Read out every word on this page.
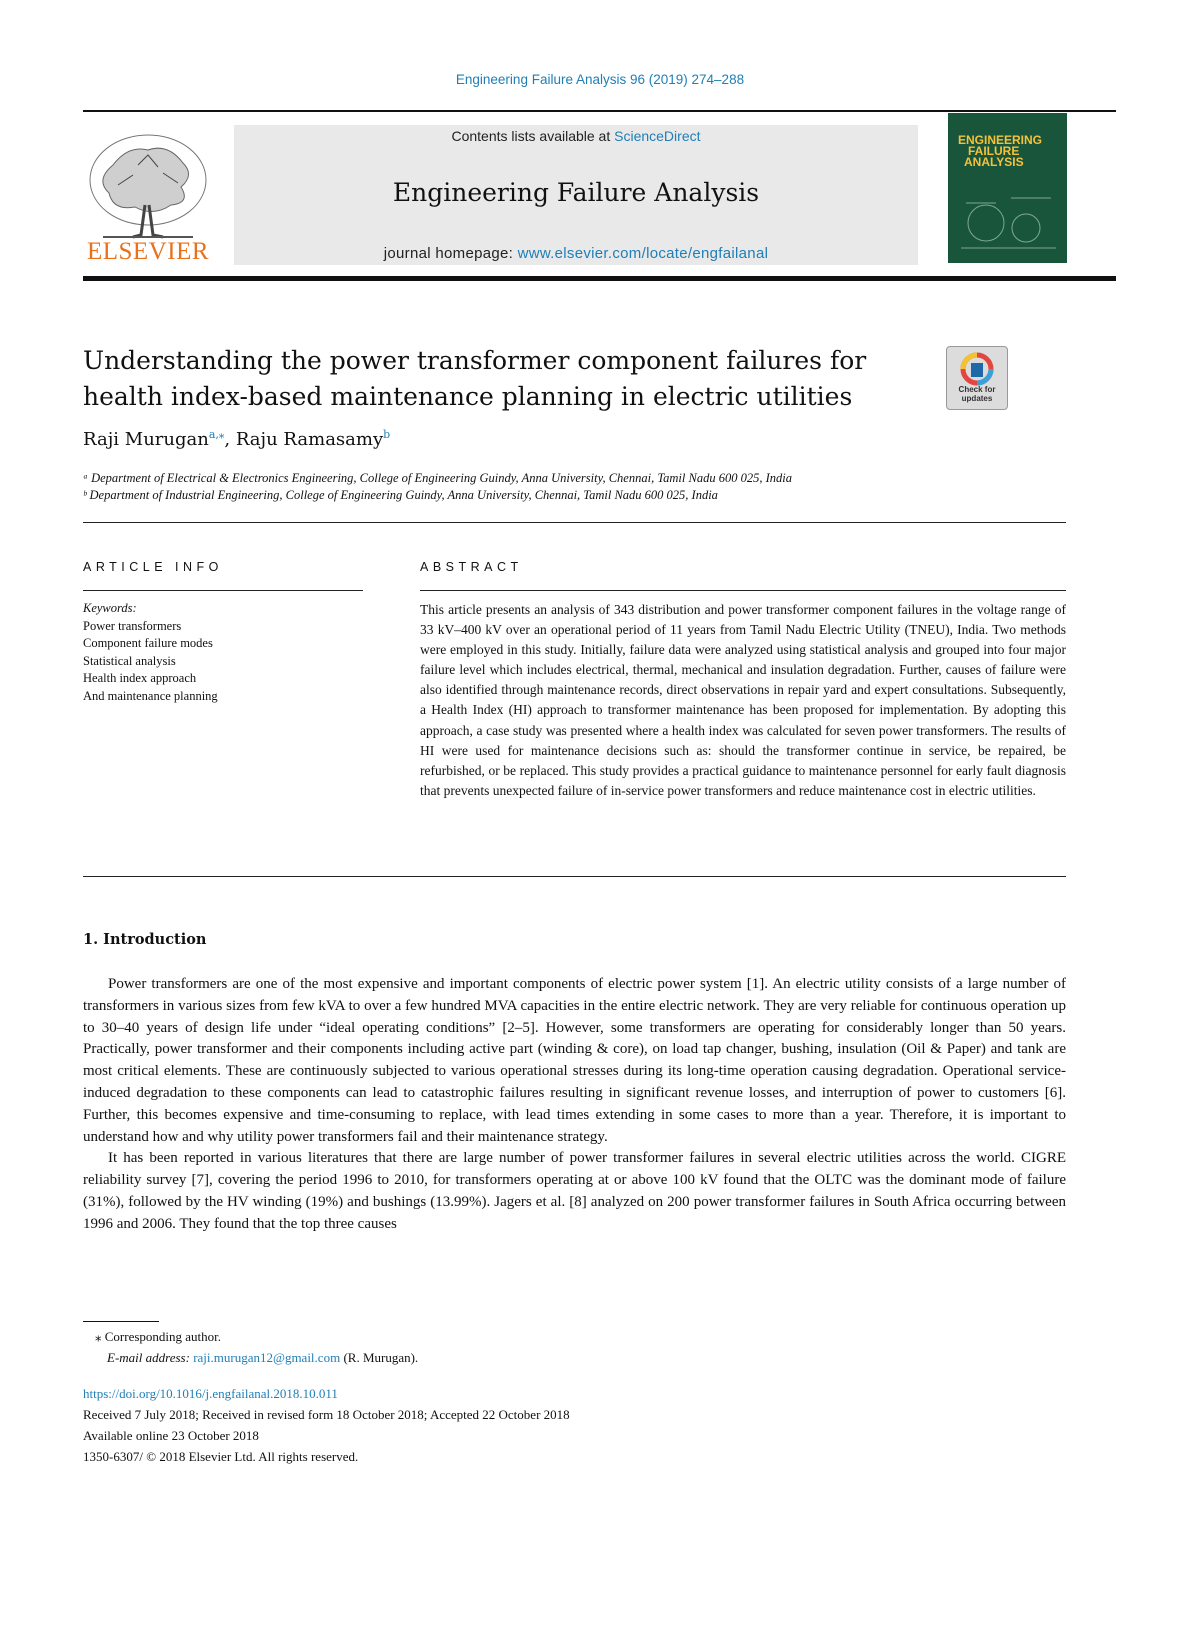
Engineering Failure Analysis 96 (2019) 274–288
ELSEVIER
Contents lists available at ScienceDirect
Engineering Failure Analysis
journal homepage: www.elsevier.com/locate/engfailanal
ENGINEERING
FAILURE
ANALYSIS
Understanding the power transformer component failures for
health index-based maintenance planning in electric utilities	Check for updates
Raji Murugan$^{a,⁎}$, Raju Ramasamy$^b$
ᵃ Department of Electrical & Electronics Engineering, College of Engineering Guindy, Anna University, Chennai, Tamil Nadu 600 025, India
ᵇ Department of Industrial Engineering, College of Engineering Guindy, Anna University, Chennai, Tamil Nadu 600 025, India
ARTICLE INFO	ABSTRACT
Keywords:
Power transformers
Component failure modes
Statistical analysis
Health index approach
And maintenance planning
This article presents an analysis of 343 distribution and power transformer component failures in the voltage range of 33 kV–400 kV over an operational period of 11 years from Tamil Nadu Electric Utility (TNEU), India. Two methods were employed in this study. Initially, failure data were analyzed using statistical analysis and grouped into four major failure level which includes electrical, thermal, mechanical and insulation degradation. Further, causes of failure were also identified through maintenance records, direct observations in repair yard and expert consultations. Subsequently, a Health Index (HI) approach to transformer maintenance has been proposed for implementation. By adopting this approach, a case study was presented where a health index was calculated for seven power transformers. The results of HI were used for maintenance decisions such as: should the transformer continue in service, be repaired, be refurbished, or be replaced. This study provides a practical guidance to maintenance personnel for early fault diagnosis that prevents unexpected failure of in-service power transformers and reduce maintenance cost in electric utilities.
1. Introduction

Power transformers are one of the most expensive and important components of electric power system [1]. An electric utility consists of a large number of transformers in various sizes from few kVA to over a few hundred MVA capacities in the entire electric network. They are very reliable for continuous operation up to 30–40 years of design life under “ideal operating conditions” [2–5]. However, some transformers are operating for considerably longer than 50 years. Practically, power transformer and their components including active part (winding & core), on load tap changer, bushing, insulation (Oil & Paper) and tank are most critical elements. These are continuously subjected to various operational stresses during its long-time operation causing degradation. Operational service-induced degradation to these components can lead to catastrophic failures resulting in significant revenue losses, and interruption of power to customers [6]. Further, this becomes expensive and time-consuming to replace, with lead times extending in some cases to more than a year. Therefore, it is important to understand how and why utility power transformers fail and their maintenance strategy.

It has been reported in various literatures that there are large number of power transformer failures in several electric utilities across the world. CIGRE reliability survey [7], covering the period 1996 to 2010, for transformers operating at or above 100 kV found that the OLTC was the dominant mode of failure (31%), followed by the HV winding (19%) and bushings (13.99%). Jagers et al. [8] analyzed on 200 power transformer failures in South Africa occurring between 1996 and 2006. They found that the top three causes

⁎ Corresponding author.
E-mail address: raji.murugan12@gmail.com (R. Murugan).
https://doi.org/10.1016/j.engfailanal.2018.10.011
Received 7 July 2018; Received in revised form 18 October 2018; Accepted 22 October 2018
Available online 23 October 2018
1350-6307/ © 2018 Elsevier Ltd. All rights reserved.
